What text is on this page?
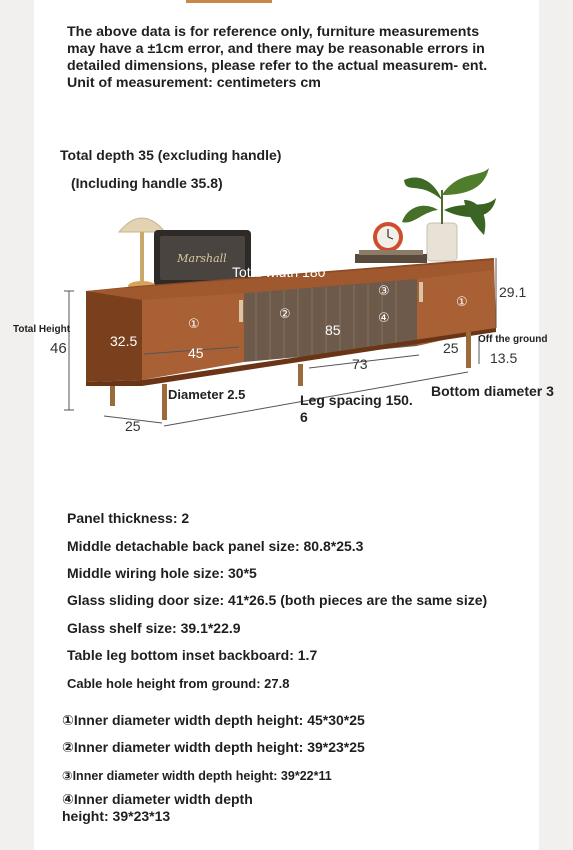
The above data is for reference only, furniture measurements may have a ±1cm error, and there may be reasonable errors in detailed dimensions, please refer to the actual measurem- ent. Unit of measurement: centimeters cm
Marshall
Total depth 35 (excluding handle)
(Including handle 35.8)
Total width 180
Total Height
46
29.1
Off the ground
13.5
32.5
45
85
73
25
25
Diameter 2.5	Leg spacing 150. 6
Bottom diameter 3
①
①
②
③
④
Panel thickness: 2
Middle detachable back panel size: 80.8*25.3
Middle wiring hole size: 30*5
Glass sliding door size: 41*26.5 (both pieces are the same size)
Glass shelf size: 39.1*22.9
Table leg bottom inset backboard: 1.7
Cable hole height from ground: 27.8
①Inner diameter width depth height: 45*30*25
②Inner diameter width depth height: 39*23*25
③Inner diameter width depth height: 39*22*11
④Inner diameter width depth height: 39*23*13
